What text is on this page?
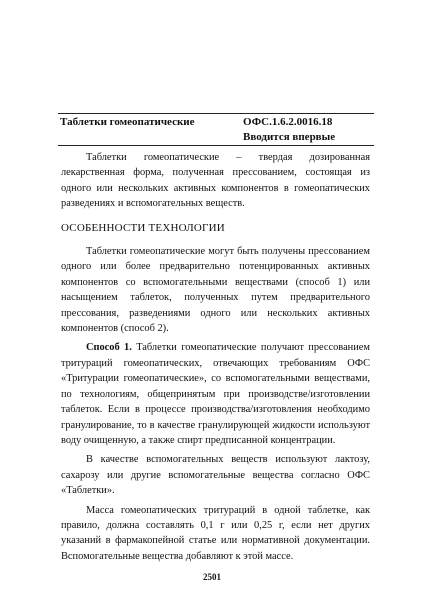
Таблетки гомеопатические	ОФС.1.6.2.0016.18
Вводится впервые

Таблетки гомеопатические – твердая дозированная лекарственная форма, полученная прессованием, состоящая из одного или нескольких активных компонентов в гомеопатических разведениях и вспомогательных веществ.

ОСОБЕННОСТИ ТЕХНОЛОГИИ

Таблетки гомеопатические могут быть получены прессованием одного или более предварительно потенцированных активных компонентов со вспомогательными веществами (способ 1) или насыщением таблеток, полученных путем предварительного прессования, разведениями одного или нескольких активных компонентов (способ 2).

Способ 1. Таблетки гомеопатические получают прессованием тритураций гомеопатических, отвечающих требованиям ОФС «Тритурации гомеопатические», со вспомогательными веществами, по технологиям, общепринятым при производстве/изготовлении таблеток. Если в процессе производства/изготовления необходимо гранулирование, то в качестве гранулирующей жидкости используют воду очищенную, а также спирт предписанной концентрации.

В качестве вспомогательных веществ используют лактозу, сахарозу или другие вспомогательные вещества согласно ОФС «Таблетки».

Масса гомеопатических тритураций в одной таблетке, как правило, должна составлять 0,1 г или 0,25 г, если нет других указаний в фармакопейной статье или нормативной документации. Вспомогательные вещества добавляют к этой массе.

2501
